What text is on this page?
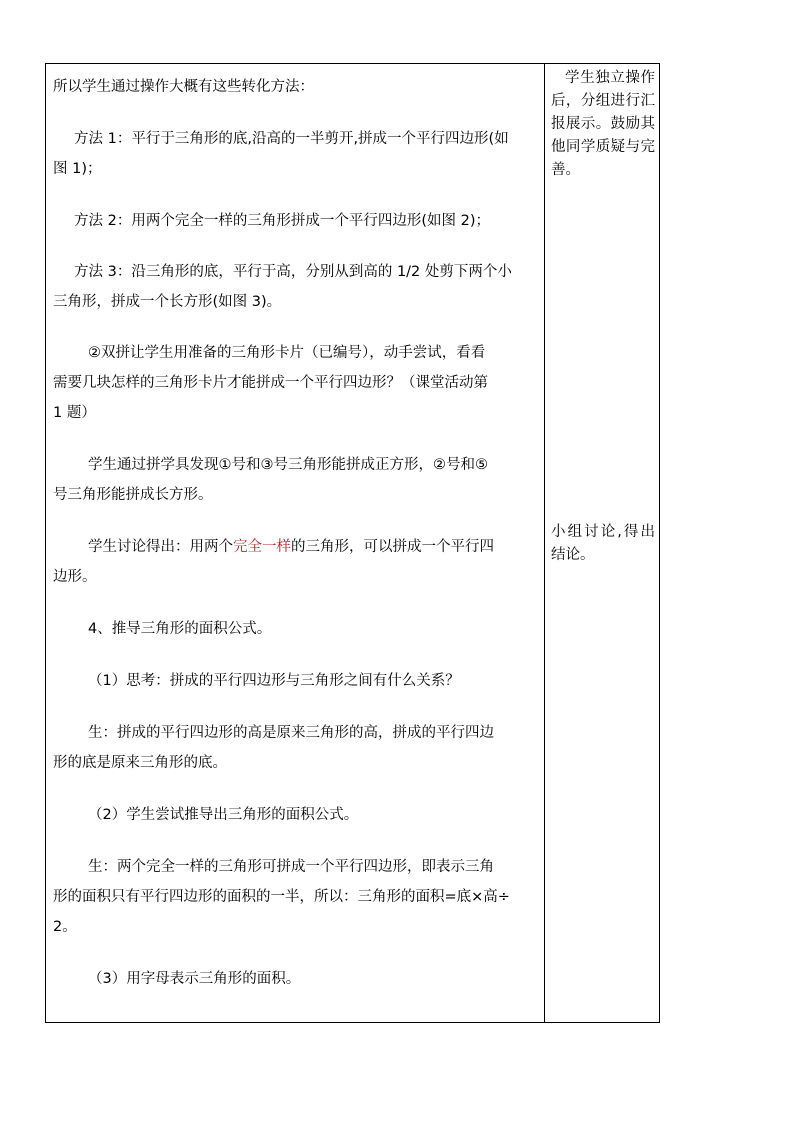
所以学生通过操作大概有这些转化方法：
方法 1：平行于三角形的底,沿高的一半剪开,拼成一个平行四边形(如
图 1)；
方法 2：用两个完全一样的三角形拼成一个平行四边形(如图 2)；
方法 3：沿三角形的底，平行于高，分别从到高的 1/2 处剪下两个小
三角形，拼成一个长方形(如图 3)。
②双拼让学生用准备的三角形卡片（已编号），动手尝试，看看
需要几块怎样的三角形卡片才能拼成一个平行四边形？（课堂活动第
1 题）
学生通过拼学具发现①号和③号三角形能拼成正方形，②号和⑤
号三角形能拼成长方形。
学生讨论得出：用两个完全一样的三角形，可以拼成一个平行四
边形。
4、推导三角形的面积公式。
（1）思考：拼成的平行四边形与三角形之间有什么关系？
生：拼成的平行四边形的高是原来三角形的高，拼成的平行四边
形的底是原来三角形的底。
（2）学生尝试推导出三角形的面积公式。
生：两个完全一样的三角形可拼成一个平行四边形，即表示三角
形的面积只有平行四边形的面积的一半，所以：三角形的面积=底×高÷
2。
（3）用字母表示三角形的面积。
学生独立操作后，分组进行汇报展示。鼓励其他同学质疑与完善。
小组讨论,得出结论。
